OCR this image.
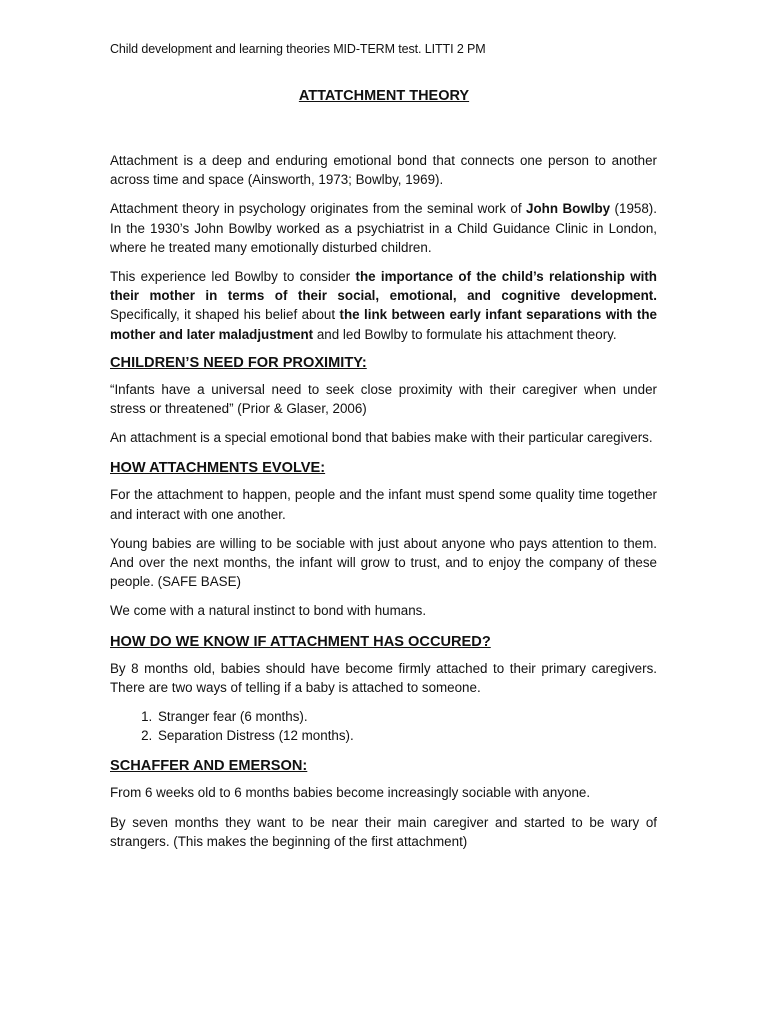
Child development and learning theories MID-TERM test. LITTI 2 PM
ATTATCHMENT THEORY

Attachment is a deep and enduring emotional bond that connects one person to another across time and space (Ainsworth, 1973; Bowlby, 1969).

Attachment theory in psychology originates from the seminal work of John Bowlby (1958). In the 1930’s John Bowlby worked as a psychiatrist in a Child Guidance Clinic in London, where he treated many emotionally disturbed children.

This experience led Bowlby to consider the importance of the child’s relationship with their mother in terms of their social, emotional, and cognitive development. Specifically, it shaped his belief about the link between early infant separations with the mother and later maladjustment and led Bowlby to formulate his attachment theory.

CHILDREN’S NEED FOR PROXIMITY:

“Infants have a universal need to seek close proximity with their caregiver when under stress or threatened” (Prior & Glaser, 2006)

An attachment is a special emotional bond that babies make with their particular caregivers.

HOW ATTACHMENTS EVOLVE:

For the attachment to happen, people and the infant must spend some quality time together and interact with one another.

Young babies are willing to be sociable with just about anyone who pays attention to them. And over the next months, the infant will grow to trust, and to enjoy the company of these people. (SAFE BASE)

We come with a natural instinct to bond with humans.

HOW DO WE KNOW IF ATTACHMENT HAS OCCURED?

By 8 months old, babies should have become firmly attached to their primary caregivers. There are two ways of telling if a baby is attached to someone.

1. Stranger fear (6 months).
2. Separation Distress (12 months).
SCHAFFER AND EMERSON:

From 6 weeks old to 6 months babies become increasingly sociable with anyone.

By seven months they want to be near their main caregiver and started to be wary of strangers. (This makes the beginning of the first attachment)
